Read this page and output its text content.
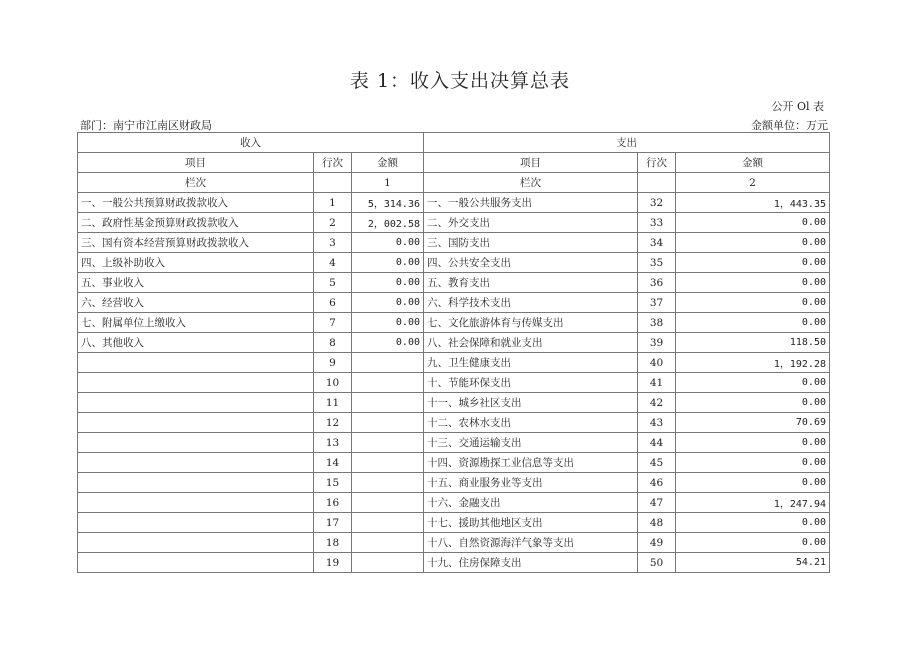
表 1：收入支出决算总表
公开 Ol 表
部门：南宁市江南区财政局	金额单位：万元
收入			支出		
项目	行次	金额	项目	行次	金额
栏次		1	栏次		2
一、一般公共预算财政拨款收入	1	5，314.36	一、一般公共服务支出	32	1，443.35
二、政府性基金预算财政拨款收入	2	2，002.58	二、外交支出	33	0.00
三、国有资本经营预算财政拨款收入	3	0.00	三、国防支出	34	0.00
四、上级补助收入	4	0.00	四、公共安全支出	35	0.00
五、事业收入	5	0.00	五、教育支出	36	0.00
六、经营收入	6	0.00	六、科学技术支出	37	0.00
七、附属单位上缴收入	7	0.00	七、文化旅游体育与传媒支出	38	0.00
八、其他收入	8	0.00	八、社会保障和就业支出	39	118.50
	9		九、卫生健康支出	40	1，192.28
	10		十、节能环保支出	41	0.00
	11		十一、城乡社区支出	42	0.00
	12		十二、农林水支出	43	70.69
	13		十三、交通运输支出	44	0.00
	14		十四、资源勘探工业信息等支出	45	0.00
	15		十五、商业服务业等支出	46	0.00
	16		十六、金融支出	47	1，247.94
	17		十七、援助其他地区支出	48	0.00
	18		十八、自然资源海洋气象等支出	49	0.00
	19		十九、住房保障支出	50	54.21
